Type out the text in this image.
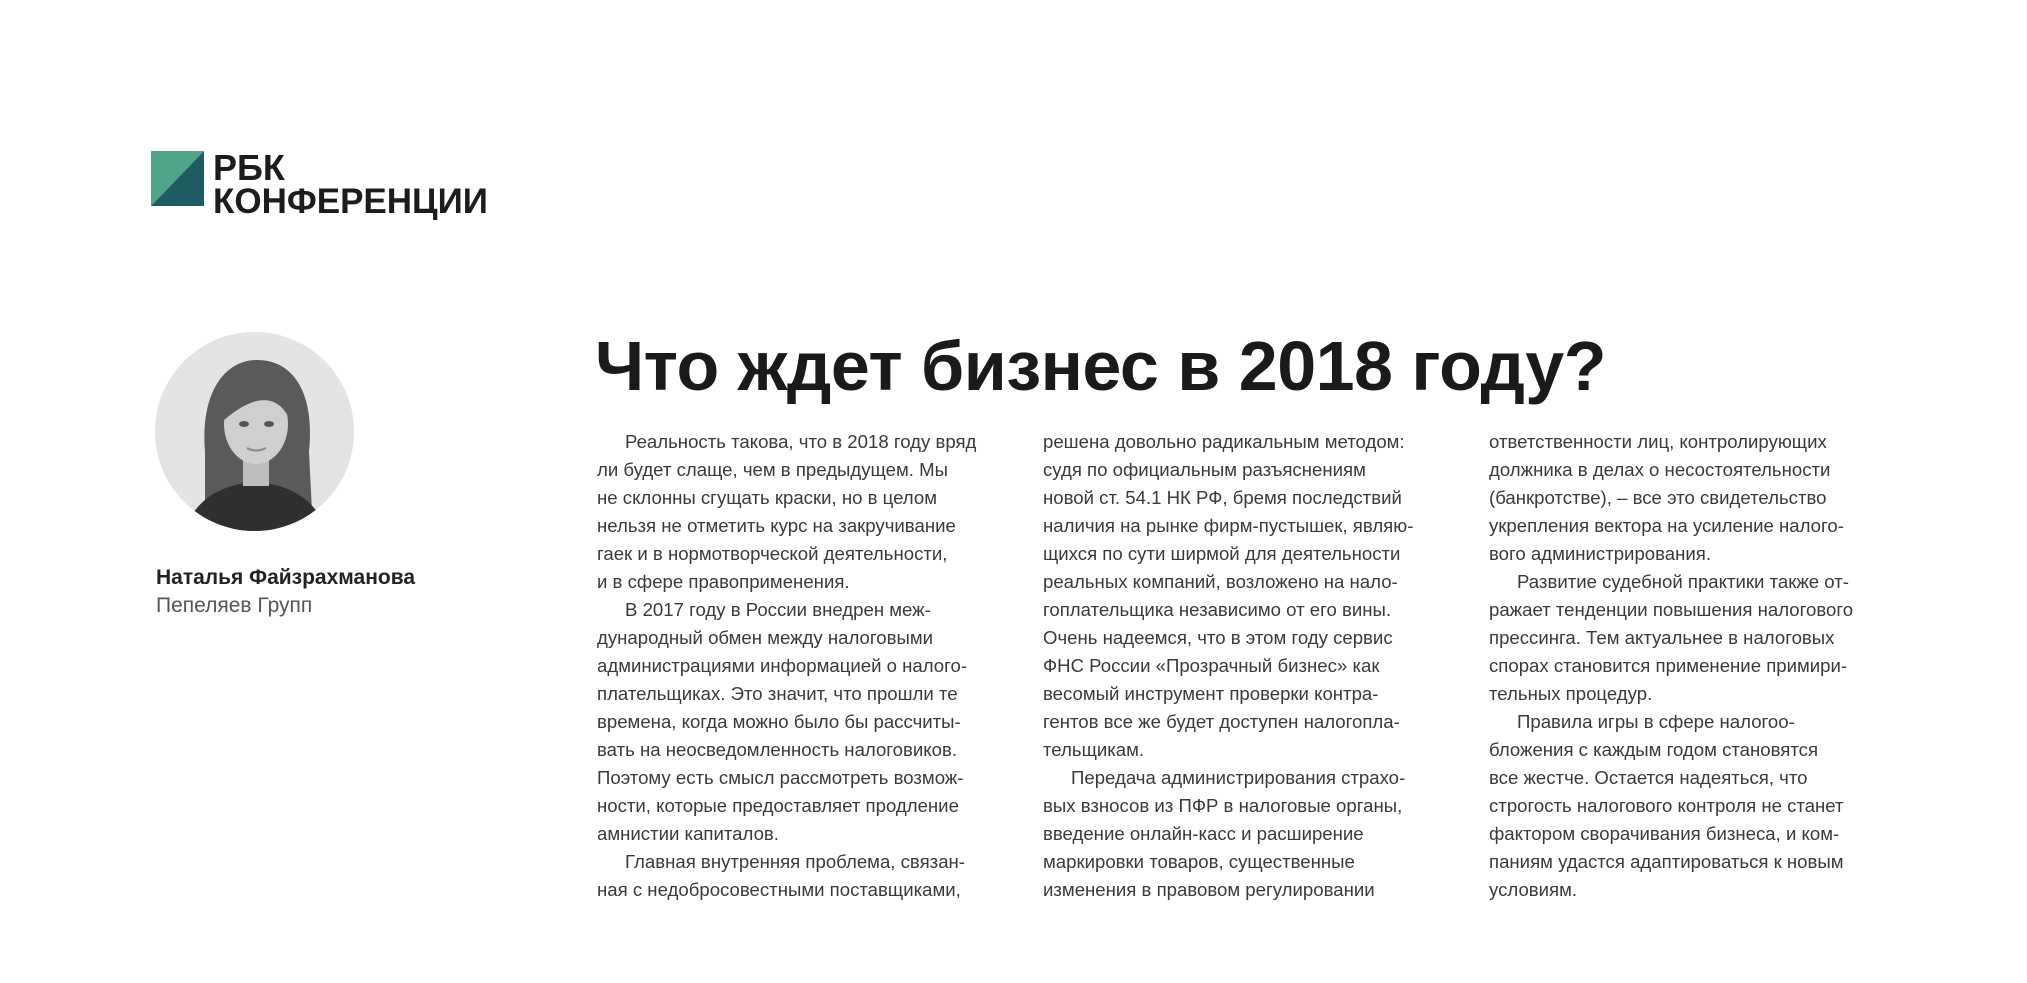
РБК
КОНФЕРЕНЦИИ
Наталья Файзрахманова
Пепеляев Групп
Что ждет бизнес в 2018 году?
Реальность такова, что в 2018 году вряд
ли будет слаще, чем в предыдущем. Мы
не склонны сгущать краски, но в целом
нельзя не отметить курс на закручивание
гаек и в нормотворческой деятельности,
и в сфере правоприменения.
В 2017 году в России внедрен меж-
дународный обмен между налоговыми
администрациями информацией о налого-
плательщиках. Это значит, что прошли те
времена, когда можно было бы рассчиты-
вать на неосведомленность налоговиков.
Поэтому есть смысл рассмотреть возмож-
ности, которые предоставляет продление
амнистии капиталов.
Главная внутренняя проблема, связан-
ная с недобросовестными поставщиками,
решена довольно радикальным методом:
судя по официальным разъяснениям
новой ст. 54.1 НК РФ, бремя последствий
наличия на рынке фирм-пустышек, являю-
щихся по сути ширмой для деятельности
реальных компаний, возложено на нало-
гоплательщика независимо от его вины.
Очень надеемся, что в этом году сервис
ФНС России «Прозрачный бизнес» как
весомый инструмент проверки контра-
гентов все же будет доступен налогопла-
тельщикам.
Передача администрирования страхо-
вых взносов из ПФР в налоговые органы,
введение онлайн-касс и расширение
маркировки товаров, существенные
изменения в правовом регулировании
ответственности лиц, контролирующих
должника в делах о несостоятельности
(банкротстве), – все это свидетельство
укрепления вектора на усиление налого-
вого администрирования.
Развитие судебной практики также от-
ражает тенденции повышения налогового
прессинга. Тем актуальнее в налоговых
спорах становится применение примири-
тельных процедур.
Правила игры в сфере налогоо-
бложения с каждым годом становятся
все жестче. Остается надеяться, что
строгость налогового контроля не станет
фактором сворачивания бизнеса, и ком-
паниям удастся адаптироваться к новым
условиям.
